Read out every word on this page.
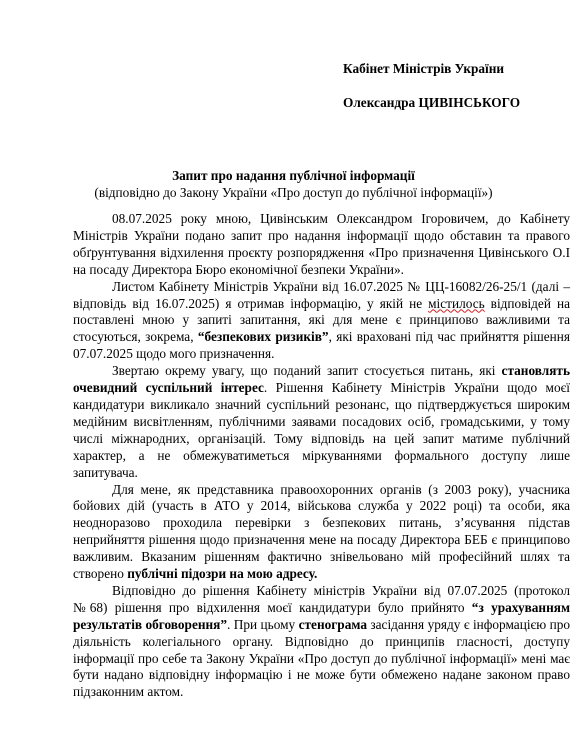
Кабінет Міністрів України
Олександра ЦИВІНСЬКОГО
Запит про надання публічної інформації
(відповідно до Закону України «Про доступ до публічної інформації»)

08.07.2025 року мною, Цивінським Олександром Ігоровичем, до Кабінету Міністрів України подано запит про надання інформації щодо обставин та правого обґрунтування відхилення проєкту розпорядження «Про призначення Цивінського О.І на посаду Директора Бюро економічної безпеки України».

Листом Кабінету Міністрів України від 16.07.2025 № ЦЦ-16082/26-25/1 (далі – відповідь від 16.07.2025) я отримав інформацію, у якій не містилось відповідей на поставлені мною у запиті запитання, які для мене є принципово важливими та стосуються, зокрема, “безпекових ризиків”, які враховані під час прийняття рішення 07.07.2025 щодо мого призначення.

Звертаю окрему увагу, що поданий запит стосується питань, які становлять очевидний суспільний інтерес. Рішення Кабінету Міністрів України щодо моєї кандидатури викликало значний суспільний резонанс, що підтверджується широким медійним висвітленням, публічними заявами посадових осіб, громадськими, у тому числі міжнародних, організацій. Тому відповідь на цей запит матиме публічний характер, а не обмежуватиметься міркуваннями формального доступу лише запитувача.

Для мене, як представника правоохоронних органів (з 2003 року), учасника бойових дій (участь в АТО у 2014, військова служба у 2022 році) та особи, яка неодноразово проходила перевірки з безпекових питань, з’ясування підстав неприйняття рішення щодо призначення мене на посаду Директора БЕБ є принципово важливим. Вказаним рішенням фактично знівельовано мій професійний шлях та створено публічні підозри на мою адресу.

Відповідно до рішення Кабінету міністрів України від 07.07.2025 (протокол №68) рішення про відхилення моєї кандидатури було прийнято “з урахуванням результатів обговорення”. При цьому стенограма засідання уряду є інформацією про діяльність колегіального органу. Відповідно до принципів гласності, доступу інформації про себе та Закону України «Про доступ до публічної інформації» мені має бути надано відповідну інформацію і не може бути обмежено надане законом право підзаконним актом.
